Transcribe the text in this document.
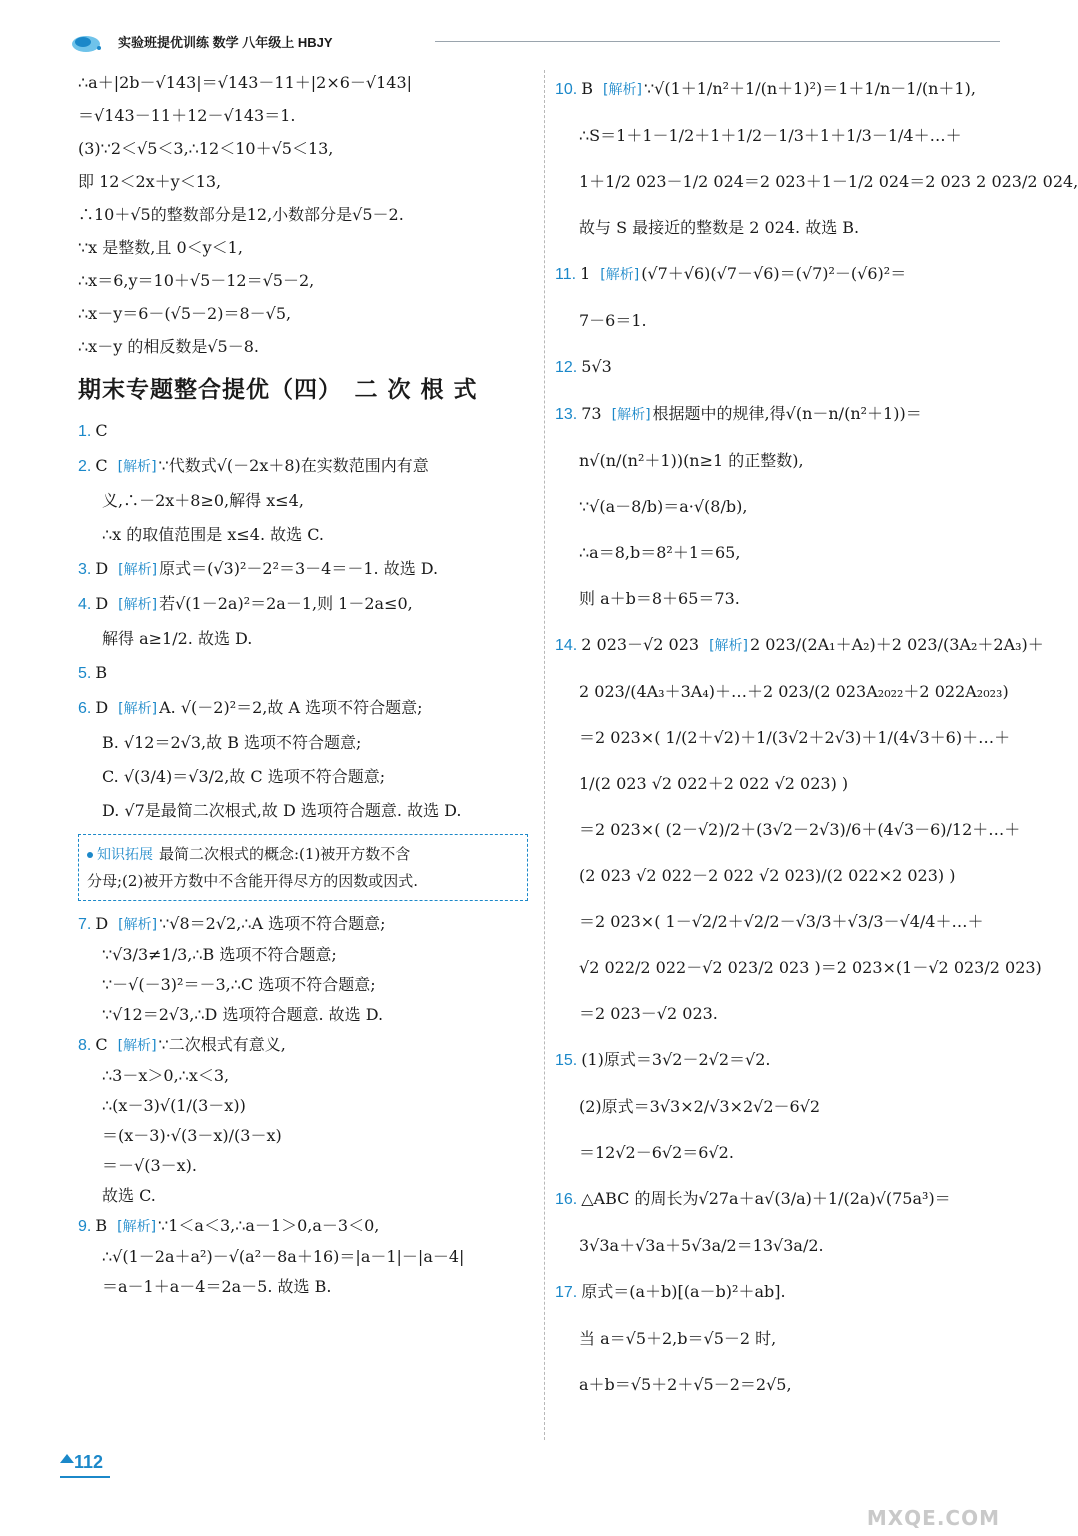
实验班提优训练 数学 八年级上 HBJY
∴a＋|2b－√143|＝√143－11＋|2×6－√143|
＝√143－11＋12－√143＝1.
(3)∵2＜√5＜3,∴12＜10＋√5＜13,
即 12＜2x＋y＜13,
∴10＋√5的整数部分是12,小数部分是√5－2.
∵x 是整数,且 0＜y＜1,
∴x＝6,y＝10＋√5－12＝√5－2,
∴x－y＝6－(√5－2)＝8－√5,
∴x－y 的相反数是√5－8.
期末专题整合提优（四）　二 次 根 式
1. C
2. C [ 解析 ] ∵代数式√(－2x＋8)在实数范围内有意
义,∴－2x＋8≥0,解得 x≤4,
∴x 的取值范围是 x≤4. 故选 C.
3. D [ 解析 ] 原式＝(√3)²－2²＝3－4＝－1. 故选 D.
4. D [ 解析 ] 若√(1－2a)²＝2a－1,则 1－2a≤0,
解得 a≥1/2. 故选 D.
5. B
6. D [ 解析 ] A. √(－2)²＝2,故 A 选项不符合题意;
B. √12＝2√3,故 B 选项不符合题意;
C. √(3/4)＝√3/2,故 C 选项不符合题意;
D. √7是最简二次根式,故 D 选项符合题意. 故选 D.
知识拓展 最简二次根式的概念:(1)被开方数不含
分母;(2)被开方数中不含能开得尽方的因数或因式.
7. D [ 解析 ] ∵√8＝2√2,∴A 选项不符合题意;
∵√3/3≠1/3,∴B 选项不符合题意;
∵－√(－3)²＝－3,∴C 选项不符合题意;
∵√12＝2√3,∴D 选项符合题意. 故选 D.
8. C [ 解析 ] ∵二次根式有意义,
∴3－x＞0,∴x＜3,
∴(x－3)√(1/(3－x))
＝(x－3)·√(3－x)/(3－x)
＝－√(3－x).
故选 C.
9. B [ 解析 ] ∵1＜a＜3,∴a－1＞0,a－3＜0,
∴√(1－2a＋a²)－√(a²－8a＋16)＝|a－1|－|a－4|
＝a－1＋a－4＝2a－5. 故选 B.
10. B [ 解析 ] ∵√(1＋1/n²＋1/(n＋1)²)＝1＋1/n－1/(n＋1),
∴S＝1＋1－1/2＋1＋1/2－1/3＋1＋1/3－1/4＋…＋
1＋1/2 023－1/2 024＝2 023＋1－1/2 024＝2 023 2 023/2 024,
故与 S 最接近的整数是 2 024. 故选 B.
11. 1 [ 解析 ] (√7＋√6)(√7－√6)＝(√7)²－(√6)²＝
7－6＝1.
12. 5√3
13. 73 [ 解析 ] 根据题中的规律,得√(n－n/(n²＋1))＝
n√(n/(n²＋1))(n≥1 的正整数),
∵√(a－8/b)＝a·√(8/b),
∴a＝8,b＝8²＋1＝65,
则 a＋b＝8＋65＝73.
14. 2 023－√2 023 [ 解析 ] 2 023/(2A₁＋A₂)＋2 023/(3A₂＋2A₃)＋
2 023/(4A₃＋3A₄)＋…＋2 023/(2 023A₂₀₂₂＋2 022A₂₀₂₃)
＝2 023×( 1/(2＋√2)＋1/(3√2＋2√3)＋1/(4√3＋6)＋…＋
1/(2 023 √2 022＋2 022 √2 023) )
＝2 023×( (2－√2)/2＋(3√2－2√3)/6＋(4√3－6)/12＋…＋
(2 023 √2 022－2 022 √2 023)/(2 022×2 023) )
＝2 023×( 1－√2/2＋√2/2－√3/3＋√3/3－√4/4＋…＋
√2 022/2 022－√2 023/2 023 )＝2 023×(1－√2 023/2 023)
＝2 023－√2 023.
15. (1)原式＝3√2－2√2＝√2.
(2)原式＝3√3×2/√3×2√2－6√2
＝12√2－6√2＝6√2.
16. △ABC 的周长为√27a＋a√(3/a)＋1/(2a)√(75a³)＝
3√3a＋√3a＋5√3a/2＝13√3a/2.
17. 原式＝(a＋b)[(a－b)²＋ab].
当 a＝√5＋2,b＝√5－2 时,
a＋b＝√5＋2＋√5－2＝2√5,
112
MXQE.COM
